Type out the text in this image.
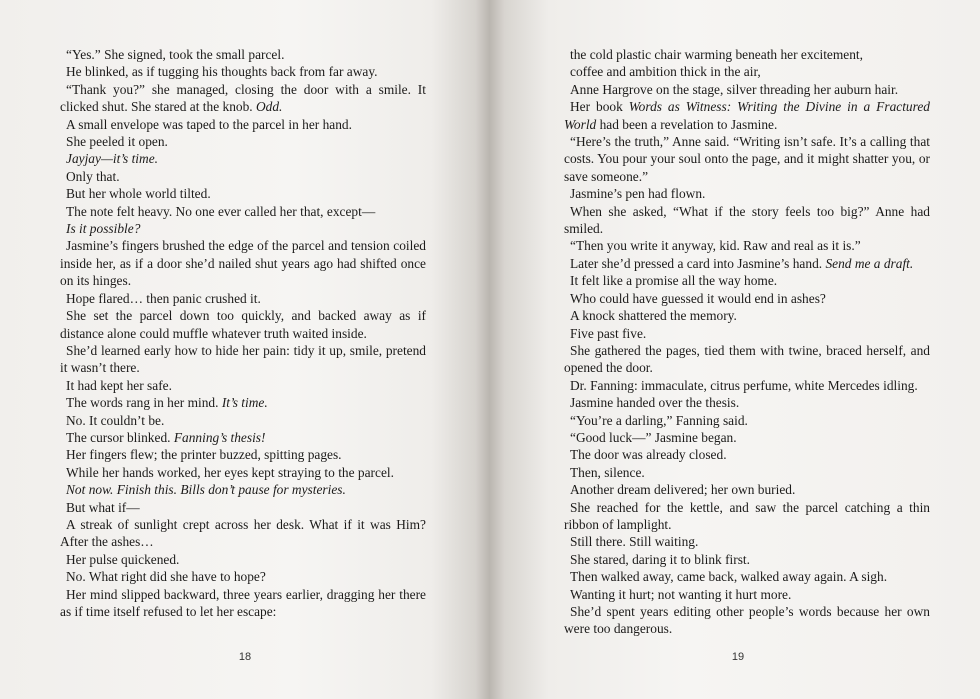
“Yes.” She signed, took the small parcel.

He blinked, as if tugging his thoughts back from far away.

“Thank you?” she managed, closing the door with a smile. It clicked shut. She stared at the knob. Odd.

A small envelope was taped to the parcel in her hand.

She peeled it open.

Jayjay—it’s time.

Only that.

But her whole world tilted.

The note felt heavy. No one ever called her that, except—

Is it possible?

Jasmine’s fingers brushed the edge of the parcel and tension coiled inside her, as if a door she’d nailed shut years ago had shifted once on its hinges.

Hope flared… then panic crushed it.

She set the parcel down too quickly, and backed away as if distance alone could muffle whatever truth waited inside.

She’d learned early how to hide her pain: tidy it up, smile, pretend it wasn’t there.

It had kept her safe.

The words rang in her mind. It’s time.

No. It couldn’t be.

The cursor blinked. Fanning’s thesis!

Her fingers flew; the printer buzzed, spitting pages.

While her hands worked, her eyes kept straying to the parcel.

Not now. Finish this. Bills don’t pause for mysteries.

But what if—

A streak of sunlight crept across her desk. What if it was Him? After the ashes…

Her pulse quickened.

No. What right did she have to hope?

Her mind slipped backward, three years earlier, dragging her there as if time itself refused to let her escape:

18

the cold plastic chair warming beneath her excitement,

coffee and ambition thick in the air,

Anne Hargrove on the stage, silver threading her auburn hair.

Her book Words as Witness: Writing the Divine in a Fractured World had been a revelation to Jasmine.

“Here’s the truth,” Anne said. “Writing isn’t safe. It’s a calling that costs. You pour your soul onto the page, and it might shatter you, or save someone.”

Jasmine’s pen had flown.

When she asked, “What if the story feels too big?” Anne had smiled.

“Then you write it anyway, kid. Raw and real as it is.”

Later she’d pressed a card into Jasmine’s hand. Send me a draft.

It felt like a promise all the way home.

Who could have guessed it would end in ashes?

A knock shattered the memory.

Five past five.

She gathered the pages, tied them with twine, braced herself, and opened the door.

Dr. Fanning: immaculate, citrus perfume, white Mercedes idling.

Jasmine handed over the thesis.

“You’re a darling,” Fanning said.

“Good luck—” Jasmine began.

The door was already closed.

Then, silence.

Another dream delivered; her own buried.

She reached for the kettle, and saw the parcel catching a thin ribbon of lamplight.

Still there. Still waiting.

She stared, daring it to blink first.

Then walked away, came back, walked away again. A sigh.

Wanting it hurt; not wanting it hurt more.

She’d spent years editing other people’s words because her own were too dangerous.

19
